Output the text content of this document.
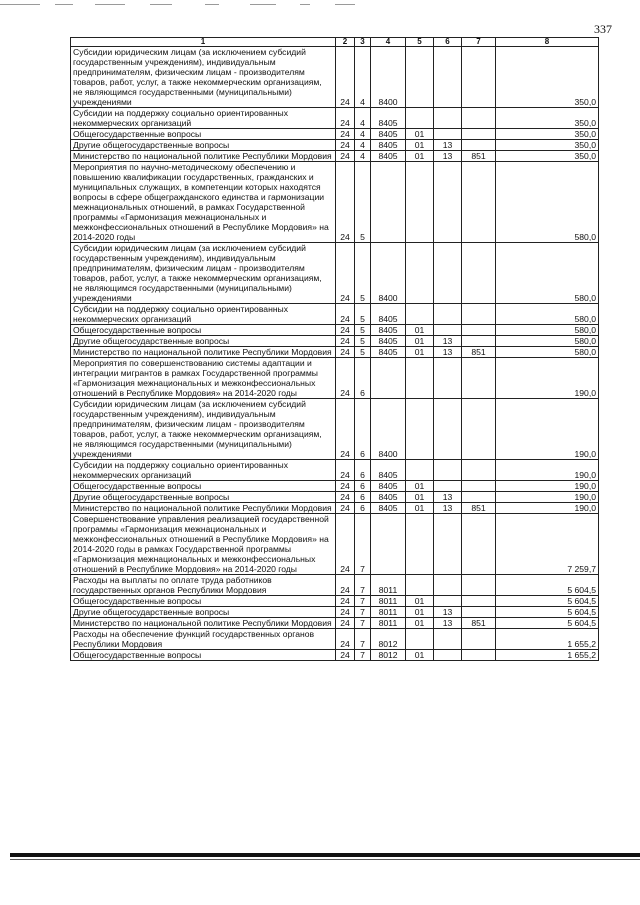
337
1	2	3	4	5	6	7	8
Субсидии юридическим лицам (за исключением субсидий государственным учреждениям), индивидуальным предпринимателям, физическим лицам - производителям товаров, работ, услуг, а также некоммерческим организациям, не являющимся государственными (муниципальными) учреждениями	24	4	8400				350,0
Субсидии на поддержку социально ориентированных некоммерческих организаций	24	4	8405				350,0
Общегосударственные вопросы	24	4	8405	01			350,0
Другие общегосударственные вопросы	24	4	8405	01	13		350,0
Министерство по национальной политике Республики Мордовия	24	4	8405	01	13	851	350,0
Мероприятия по научно-методическому обеспечению и повышению квалификации государственных, гражданских и муниципальных служащих, в компетенции которых находятся вопросы в сфере общегражданского единства и гармонизации межнациональных отношений, в рамках Государственной программы «Гармонизация межнациональных и межконфессиональных отношений в Республике Мордовия» на 2014-2020 годы	24	5					580,0
Субсидии юридическим лицам (за исключением субсидий государственным учреждениям), индивидуальным предпринимателям, физическим лицам - производителям товаров, работ, услуг, а также некоммерческим организациям, не являющимся государственными (муниципальными) учреждениями	24	5	8400				580,0
Субсидии на поддержку социально ориентированных некоммерческих организаций	24	5	8405				580,0
Общегосударственные вопросы	24	5	8405	01			580,0
Другие общегосударственные вопросы	24	5	8405	01	13		580,0
Министерство по национальной политике Республики Мордовия	24	5	8405	01	13	851	580,0
Мероприятия по совершенствованию системы адаптации и интеграции мигрантов в рамках Государственной программы «Гармонизация межнациональных и межконфессиональных отношений в Республике Мордовия» на 2014-2020 годы	24	6					190,0
Субсидии юридическим лицам (за исключением субсидий государственным учреждениям), индивидуальным предпринимателям, физическим лицам - производителям товаров, работ, услуг, а также некоммерческим организациям, не являющимся государственными (муниципальными) учреждениями	24	6	8400				190,0
Субсидии на поддержку социально ориентированных некоммерческих организаций	24	6	8405				190,0
Общегосударственные вопросы	24	6	8405	01			190,0
Другие общегосударственные вопросы	24	6	8405	01	13		190,0
Министерство по национальной политике Республики Мордовия	24	6	8405	01	13	851	190,0
Совершенствование управления реализацией государственной программы «Гармонизация межнациональных и межконфессиональных отношений в Республике Мордовия» на 2014-2020 годы в рамках Государственной программы «Гармонизация межнациональных и межконфессиональных отношений в Республике Мордовия» на 2014-2020 годы	24	7					7 259,7
Расходы на выплаты по оплате труда работников государственных органов Республики Мордовия	24	7	8011				5 604,5
Общегосударственные вопросы	24	7	8011	01			5 604,5
Другие общегосударственные вопросы	24	7	8011	01	13		5 604,5
Министерство по национальной политике Республики Мордовия	24	7	8011	01	13	851	5 604,5
Расходы на обеспечение функций государственных органов Республики Мордовия	24	7	8012				1 655,2
Общегосударственные вопросы	24	7	8012	01			1 655,2
